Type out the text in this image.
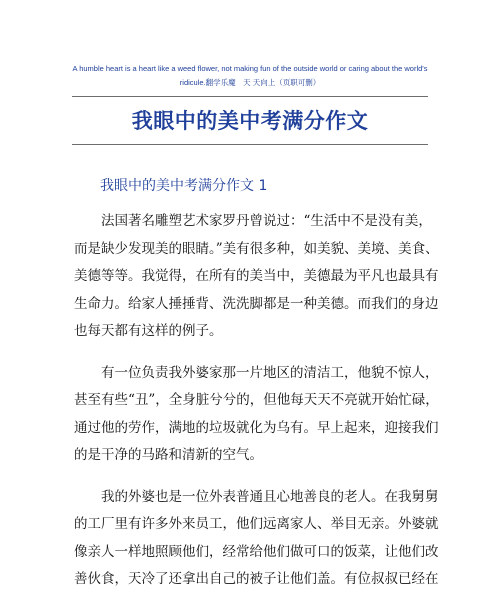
A humble heart is a heart like a weed flower, not making fun of the outside world or caring about the world's
ridicule.翻学乐魔　天 天向上（页职可删）
我眼中的美中考满分作文
我眼中的美中考满分作文 1
法国著名雕塑艺术家罗丹曾说过：“生活中不是没有美，
而是缺少发现美的眼睛。”美有很多种，如美貌、美境、美食、
美德等等。我觉得，在所有的美当中，美德最为平凡也最具有
生命力。给家人捶捶背、洗洗脚都是一种美德。而我们的身边
也每天都有这样的例子。
有一位负责我外婆家那一片地区的清洁工，他貌不惊人，
甚至有些“丑”，全身脏兮兮的，但他每天天不亮就开始忙碌，
通过他的劳作，满地的垃圾就化为乌有。早上起来，迎接我们
的是干净的马路和清新的空气。
我的外婆也是一位外表普通且心地善良的老人。在我舅舅
的工厂里有许多外来员工，他们远离家人、举目无亲。外婆就
像亲人一样地照顾他们，经常给他们做可口的饭菜，让他们改
善伙食，天冷了还拿出自己的被子让他们盖。有位叔叔已经在
